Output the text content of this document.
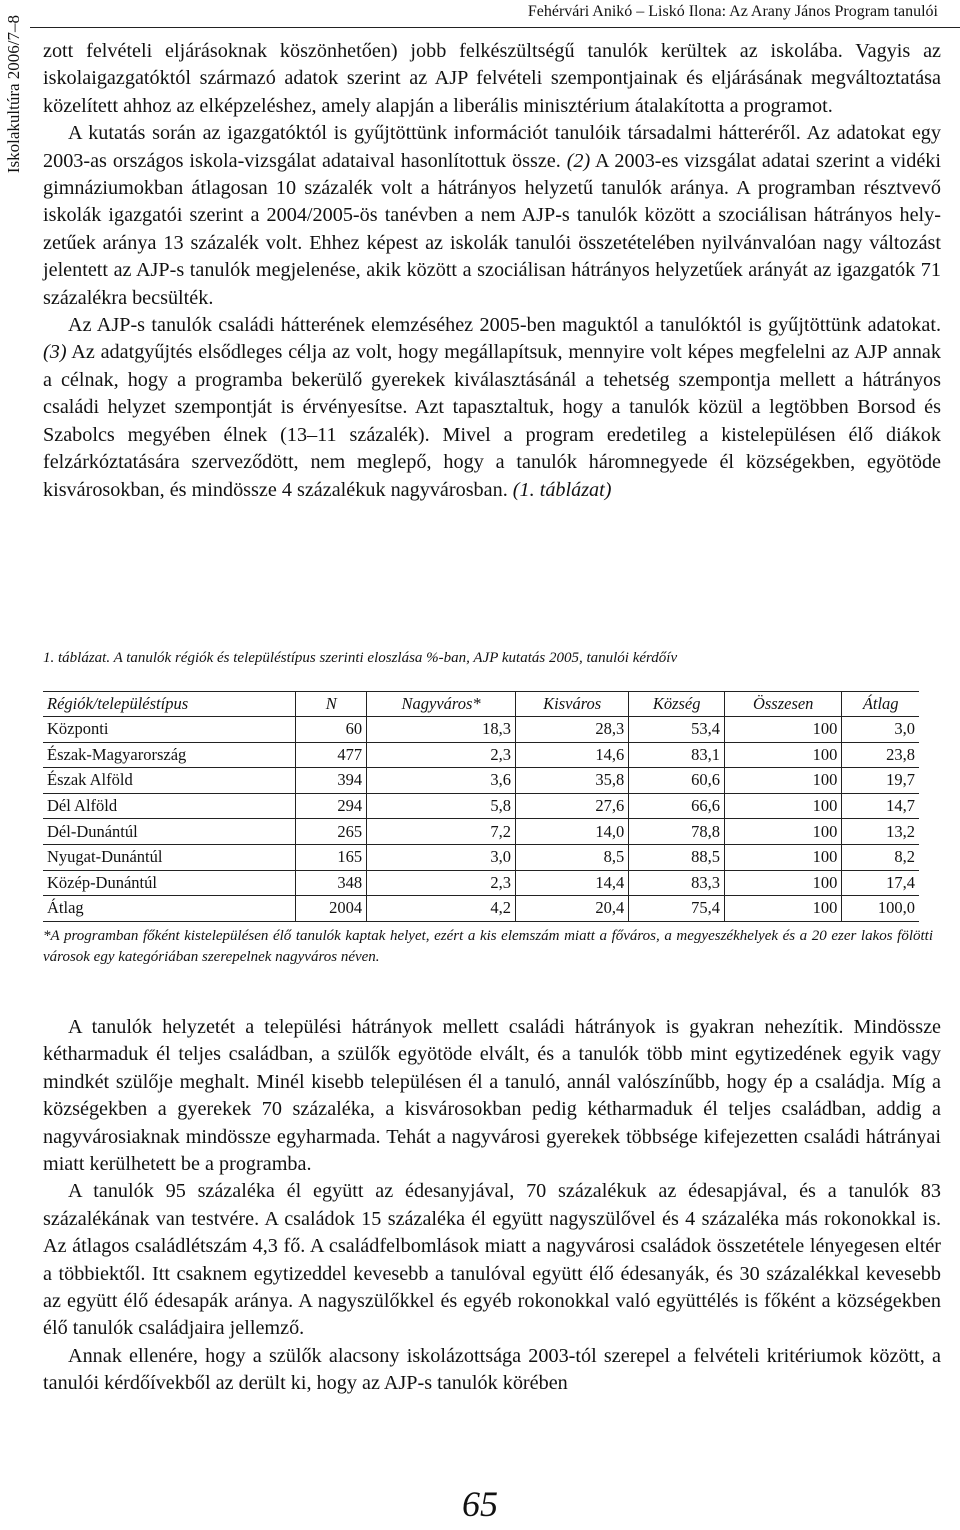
Iskolakultúra 2006/7–8
Fehérvári Anikó – Liskó Ilona: Az Arany János Program tanulói

zott felvételi eljárásoknak köszönhetően) jobb felkészültségű tanulók kerültek az iskolába. Vagyis az iskolaigazgatóktól származó adatok szerint az AJP felvételi szempontjainak és eljárásának megváltoztatása közelített ahhoz az elképzeléshez, amely alapján a liberális minisztérium átalakította a programot.

A kutatás során az igazgatóktól is gyűjtöttünk információt tanulóik társadalmi hátteréről. Az adatokat egy 2003-as országos iskola-vizsgálat adataival hasonlítottuk össze. (2) A 2003-es vizsgálat adatai szerint a vidéki gimnáziumokban átlagosan 10 százalék volt a hátrányos helyzetű tanulók aránya. A programban résztvevő iskolák igazgatói szerint a 2004/2005-ös tanévben a nem AJP-s tanulók között a szociálisan hátrányos helyzetűek aránya 13 százalék volt. Ehhez képest az iskolák tanulói összetételében nyilvánvalóan nagy változást jelentett az AJP-s tanulók megjelenése, akik között a szociálisan hátrányos helyzetűek arányát az igazgatók 71 százalékra becsülték.

Az AJP-s tanulók családi hátterének elemzéséhez 2005-ben maguktól a tanulóktól is gyűjtöttünk adatokat. (3) Az adatgyűjtés elsődleges célja az volt, hogy megállapítsuk, mennyire volt képes megfelelni az AJP annak a célnak, hogy a programba bekerülő gyerekek kiválasztásánál a tehetség szempontja mellett a hátrányos családi helyzet szempontját is érvényesítse. Azt tapasztaltuk, hogy a tanulók közül a legtöbben Borsod és Szabolcs megyében élnek (13–11 százalék). Mivel a program eredetileg a kistelepülésen élő diákok felzárkóztatására szerveződött, nem meglepő, hogy a tanulók háromnegyede él községekben, egyötöde kisvárosokban, és mindössze 4 százalékuk nagyvárosban. (1. táblázat)

1. táblázat. A tanulók régiók és településtípus szerinti eloszlása %-ban, AJP kutatás 2005, tanulói kérdőív
Régiók/településtípus	N	Nagyváros*	Kisváros	Község	Összesen	Átlag
Központi	60	18,3	28,3	53,4	100	3,0
Észak-Magyarország	477	2,3	14,6	83,1	100	23,8
Észak Alföld	394	3,6	35,8	60,6	100	19,7
Dél Alföld	294	5,8	27,6	66,6	100	14,7
Dél-Dunántúl	265	7,2	14,0	78,8	100	13,2
Nyugat-Dunántúl	165	3,0	8,5	88,5	100	8,2
Közép-Dunántúl	348	2,3	14,4	83,3	100	17,4
Átlag	2004	4,2	20,4	75,4	100	100,0
*A programban főként kistelepülésen élő tanulók kaptak helyet, ezért a kis elemszám miatt a főváros, a megyeszékhelyek és a 20 ezer lakos fölötti városok egy kategóriában szerepelnek nagyváros néven.

A tanulók helyzetét a települési hátrányok mellett családi hátrányok is gyakran nehezítik. Mindössze kétharmaduk él teljes családban, a szülők egyötöde elvált, és a tanulók több mint egytizedének egyik vagy mindkét szülője meghalt. Minél kisebb településen él a tanuló, annál valószínűbb, hogy ép a családja. Míg a községekben a gyerekek 70 százaléka, a kisvárosokban pedig kétharmaduk él teljes családban, addig a nagyvárosiaknak mindössze egyharmada. Tehát a nagyvárosi gyerekek többsége kifejezetten családi hátrányai miatt kerülhetett be a programba.

A tanulók 95 százaléka él együtt az édesanyjával, 70 százalékuk az édesapjával, és a tanulók 83 százalékának van testvére. A családok 15 százaléka él együtt nagyszülővel és 4 százaléka más rokonokkal is. Az átlagos családlétszám 4,3 fő. A családfelbomlások miatt a nagyvárosi családok összetétele lényegesen eltér a többiektől. Itt csaknem egytizeddel kevesebb a tanulóval együtt élő édesanyák, és 30 százalékkal kevesebb az együtt élő édesapák aránya. A nagyszülőkkel és egyéb rokonokkal való együttélés is főként a községekben élő tanulók családjaira jellemző.

Annak ellenére, hogy a szülők alacsony iskolázottsága 2003-tól szerepel a felvételi kritériumok között, a tanulói kérdőívekből az derült ki, hogy az AJP-s tanulók körében

65
